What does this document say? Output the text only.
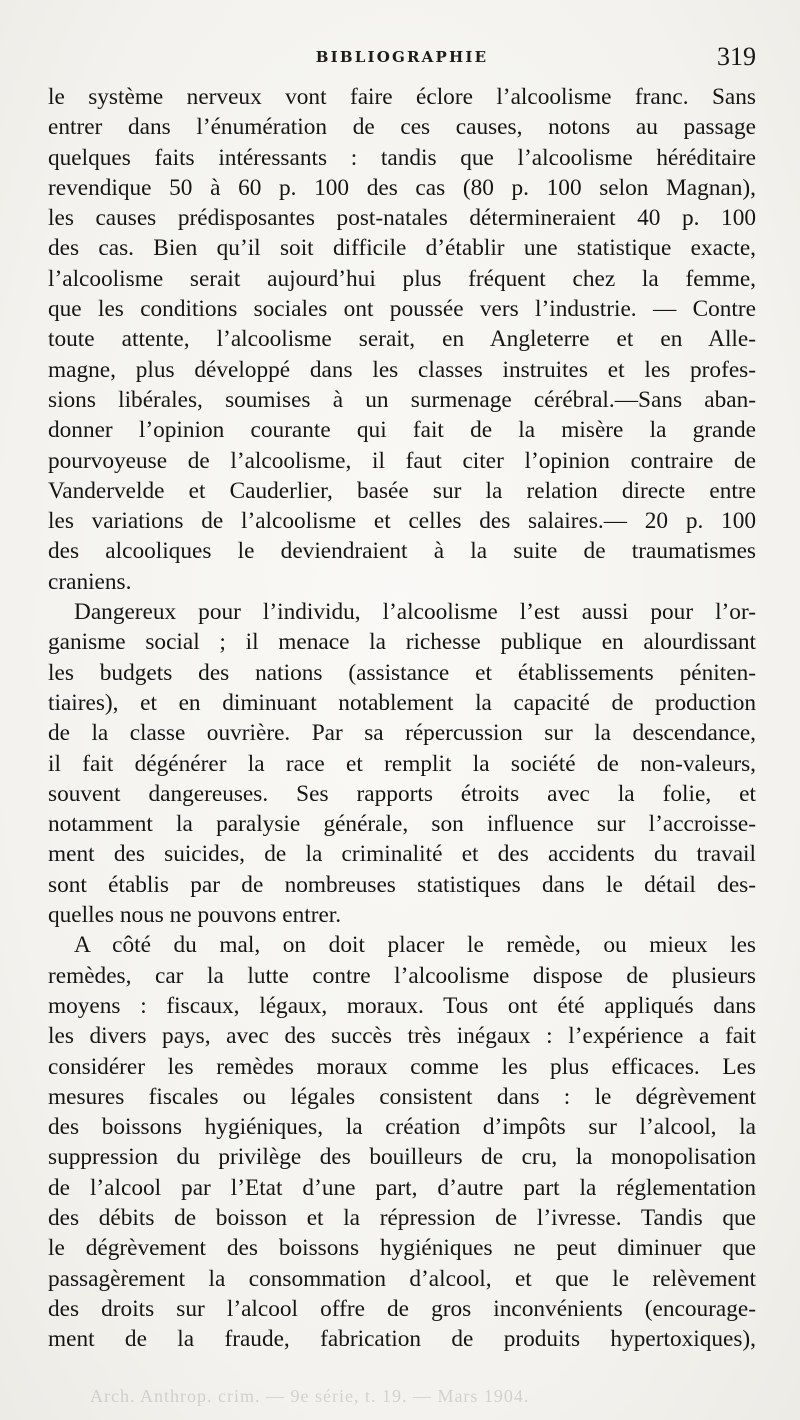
BIBLIOGRAPHIE	319
le système nerveux vont faire éclore l’alcoolisme franc. Sans
entrer dans l’énumération de ces causes, notons au passage
quelques faits intéressants : tandis que l’alcoolisme héréditaire
revendique 50 à 60 p. 100 des cas (80 p. 100 selon Magnan),
les causes prédisposantes post-natales détermineraient 40 p. 100
des cas. Bien qu’il soit difficile d’établir une statistique exacte,
l’alcoolisme serait aujourd’hui plus fréquent chez la femme,
que les conditions sociales ont poussée vers l’industrie. — Contre
toute attente, l’alcoolisme serait, en Angleterre et en Alle-
magne, plus développé dans les classes instruites et les profes-
sions libérales, soumises à un surmenage cérébral.—Sans aban-
donner l’opinion courante qui fait de la misère la grande
pourvoyeuse de l’alcoolisme, il faut citer l’opinion contraire de
Vandervelde et Cauderlier, basée sur la relation directe entre
les variations de l’alcoolisme et celles des salaires.— 20 p. 100
des alcooliques le deviendraient à la suite de traumatismes
craniens.
Dangereux pour l’individu, l’alcoolisme l’est aussi pour l’or-
ganisme social ; il menace la richesse publique en alourdissant
les budgets des nations (assistance et établissements péniten-
tiaires), et en diminuant notablement la capacité de production
de la classe ouvrière. Par sa répercussion sur la descendance,
il fait dégénérer la race et remplit la société de non-valeurs,
souvent dangereuses. Ses rapports étroits avec la folie, et
notamment la paralysie générale, son influence sur l’accroisse-
ment des suicides, de la criminalité et des accidents du travail
sont établis par de nombreuses statistiques dans le détail des-
quelles nous ne pouvons entrer.
A côté du mal, on doit placer le remède, ou mieux les
remèdes, car la lutte contre l’alcoolisme dispose de plusieurs
moyens : fiscaux, légaux, moraux. Tous ont été appliqués dans
les divers pays, avec des succès très inégaux : l’expérience a fait
considérer les remèdes moraux comme les plus efficaces. Les
mesures fiscales ou légales consistent dans : le dégrèvement
des boissons hygiéniques, la création d’impôts sur l’alcool, la
suppression du privilège des bouilleurs de cru, la monopolisation
de l’alcool par l’Etat d’une part, d’autre part la réglementation
des débits de boisson et la répression de l’ivresse. Tandis que
le dégrèvement des boissons hygiéniques ne peut diminuer que
passagèrement la consommation d’alcool, et que le relèvement
des droits sur l’alcool offre de gros inconvénients (encourage-
ment de la fraude, fabrication de produits hypertoxiques),
Arch. Anthrop. crim. — 9e série, t. 19. — Mars 1904.
